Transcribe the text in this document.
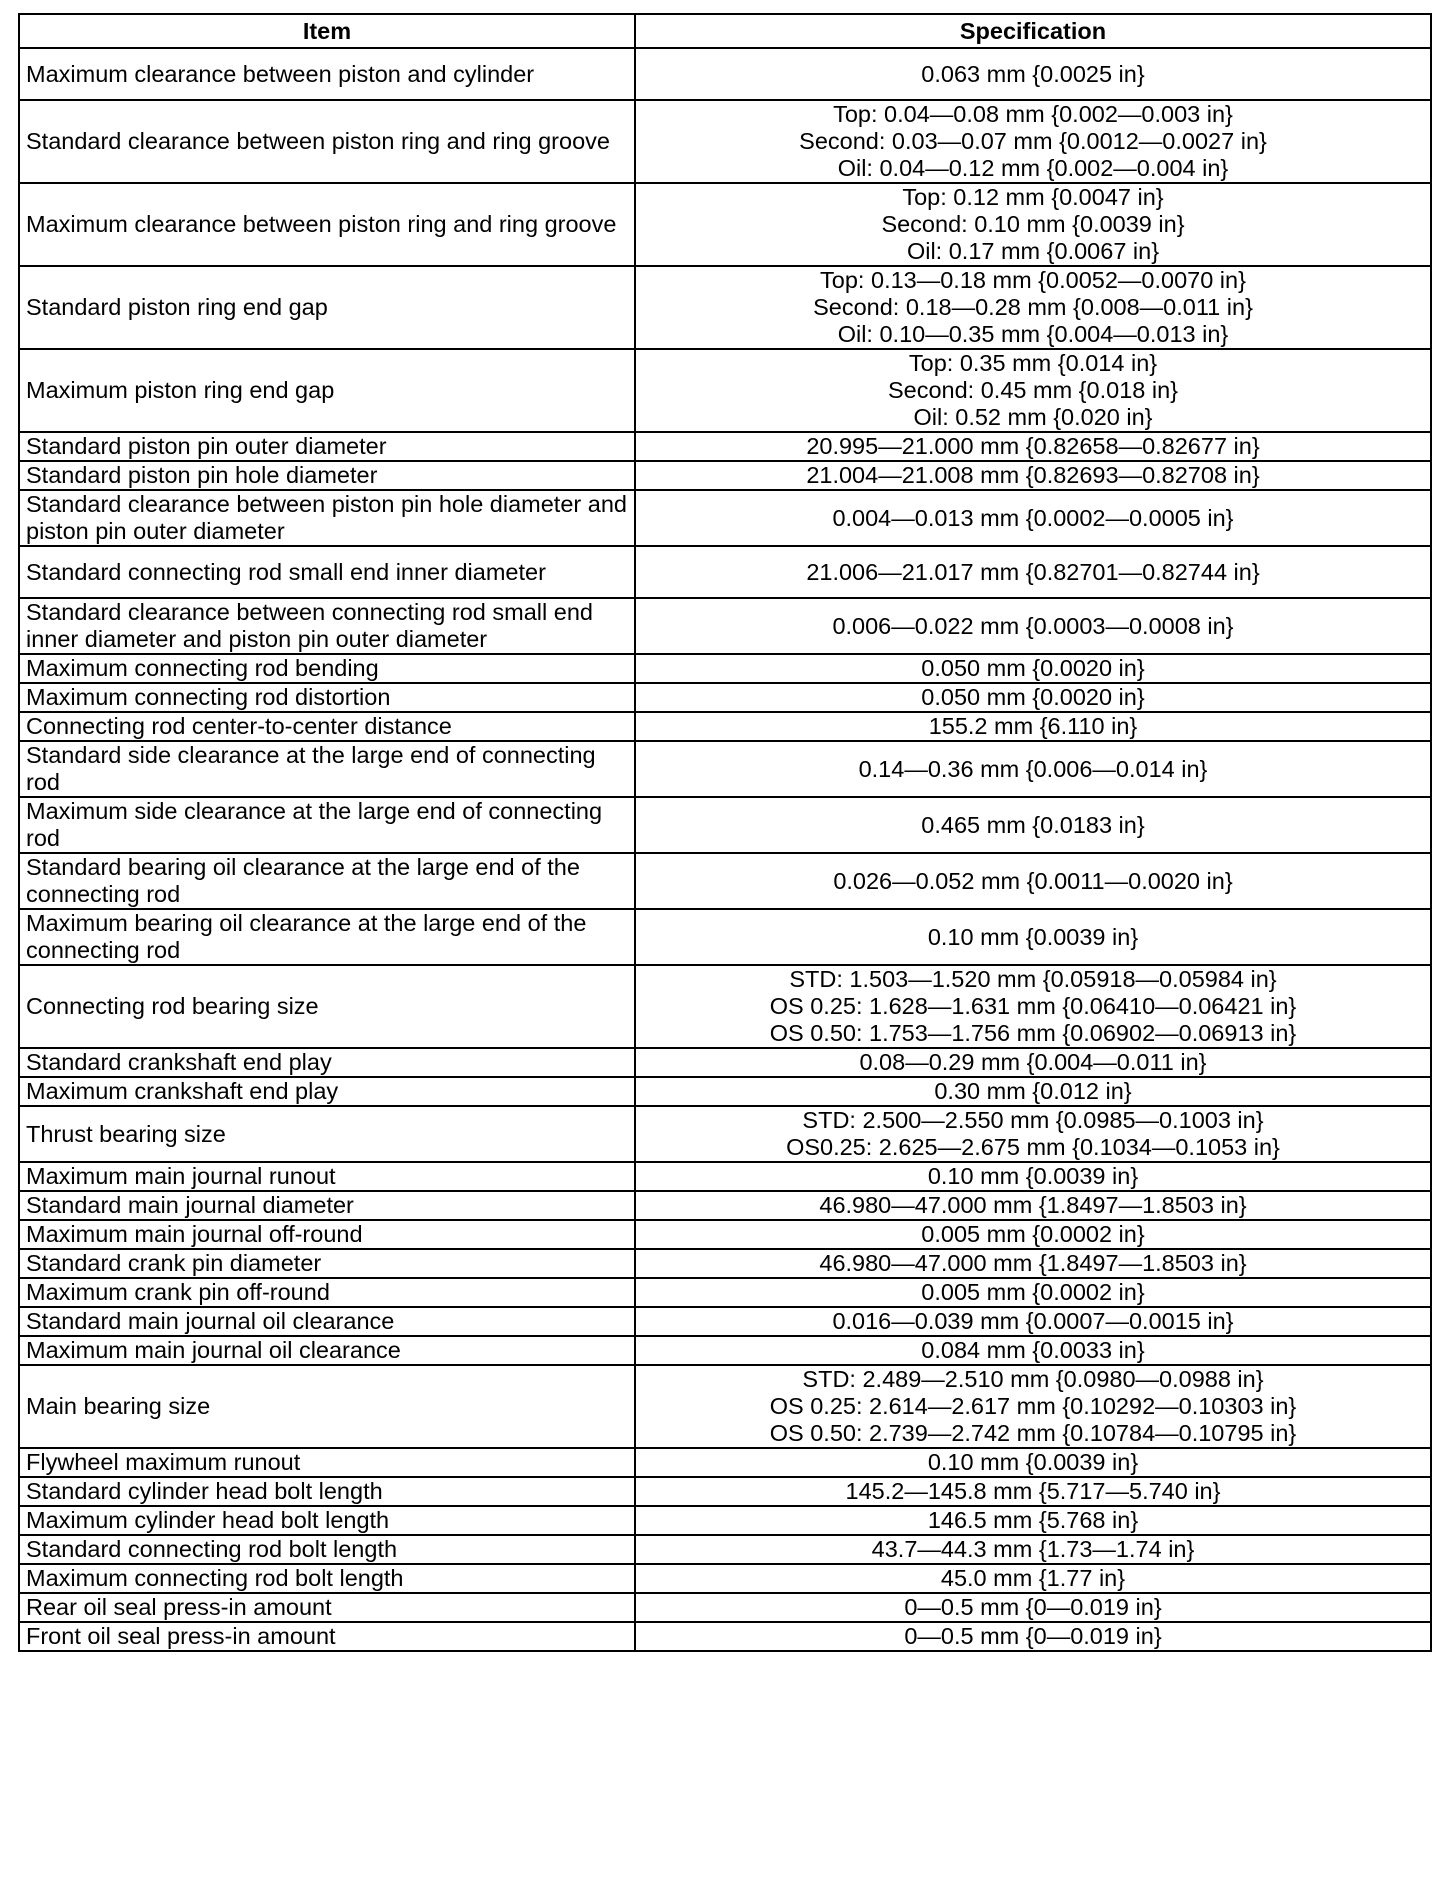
Item	Specification
Maximum clearance between piston and cylinder	0.063 mm {0.0025 in}

Standard clearance between piston ring and ring groove	Top: 0.04—0.08 mm {0.002—0.003 in}
Second: 0.03—0.07 mm {0.0012—0.0027 in}
Oil: 0.04—0.12 mm {0.002—0.004 in}

Maximum clearance between piston ring and ring groove	Top: 0.12 mm {0.0047 in}
Second: 0.10 mm {0.0039 in}
Oil: 0.17 mm {0.0067 in}

Standard piston ring end gap	Top: 0.13—0.18 mm {0.0052—0.0070 in}
Second: 0.18—0.28 mm {0.008—0.011 in}
Oil: 0.10—0.35 mm {0.004—0.013 in}

Maximum piston ring end gap	Top: 0.35 mm {0.014 in}
Second: 0.45 mm {0.018 in}
Oil: 0.52 mm {0.020 in}

Standard piston pin outer diameter	20.995—21.000 mm {0.82658—0.82677 in}

Standard piston pin hole diameter	21.004—21.008 mm {0.82693—0.82708 in}

Standard clearance between piston pin hole diameter and piston pin outer diameter	0.004—0.013 mm {0.0002—0.0005 in}

Standard connecting rod small end inner diameter	21.006—21.017 mm {0.82701—0.82744 in}

Standard clearance between connecting rod small end inner diameter and piston pin outer diameter	0.006—0.022 mm {0.0003—0.0008 in}

Maximum connecting rod bending	0.050 mm {0.0020 in}

Maximum connecting rod distortion	0.050 mm {0.0020 in}

Connecting rod center-to-center distance	155.2 mm {6.110 in}

Standard side clearance at the large end of connecting rod	0.14—0.36 mm {0.006—0.014 in}

Maximum side clearance at the large end of connecting rod	0.465 mm {0.0183 in}

Standard bearing oil clearance at the large end of the connecting rod	0.026—0.052 mm {0.0011—0.0020 in}

Maximum bearing oil clearance at the large end of the connecting rod	0.10 mm {0.0039 in}

Connecting rod bearing size	STD: 1.503—1.520 mm {0.05918—0.05984 in}
OS 0.25: 1.628—1.631 mm {0.06410—0.06421 in}
OS 0.50: 1.753—1.756 mm {0.06902—0.06913 in}

Standard crankshaft end play	0.08—0.29 mm {0.004—0.011 in}

Maximum crankshaft end play	0.30 mm {0.012 in}

Thrust bearing size	STD: 2.500—2.550 mm {0.0985—0.1003 in}
OS0.25: 2.625—2.675 mm {0.1034—0.1053 in}

Maximum main journal runout	0.10 mm {0.0039 in}

Standard main journal diameter	46.980—47.000 mm {1.8497—1.8503 in}

Maximum main journal off-round	0.005 mm {0.0002 in}

Standard crank pin diameter	46.980—47.000 mm {1.8497—1.8503 in}

Maximum crank pin off-round	0.005 mm {0.0002 in}

Standard main journal oil clearance	0.016—0.039 mm {0.0007—0.0015 in}

Maximum main journal oil clearance	0.084 mm {0.0033 in}

Main bearing size	STD: 2.489—2.510 mm {0.0980—0.0988 in}
OS 0.25: 2.614—2.617 mm {0.10292—0.10303 in}
OS 0.50: 2.739—2.742 mm {0.10784—0.10795 in}

Flywheel maximum runout	0.10 mm {0.0039 in}

Standard cylinder head bolt length	145.2—145.8 mm {5.717—5.740 in}

Maximum cylinder head bolt length	146.5 mm {5.768 in}

Standard connecting rod bolt length	43.7—44.3 mm {1.73—1.74 in}

Maximum connecting rod bolt length	45.0 mm {1.77 in}

Rear oil seal press-in amount	0—0.5 mm {0—0.019 in}

Front oil seal press-in amount	0—0.5 mm {0—0.019 in}
